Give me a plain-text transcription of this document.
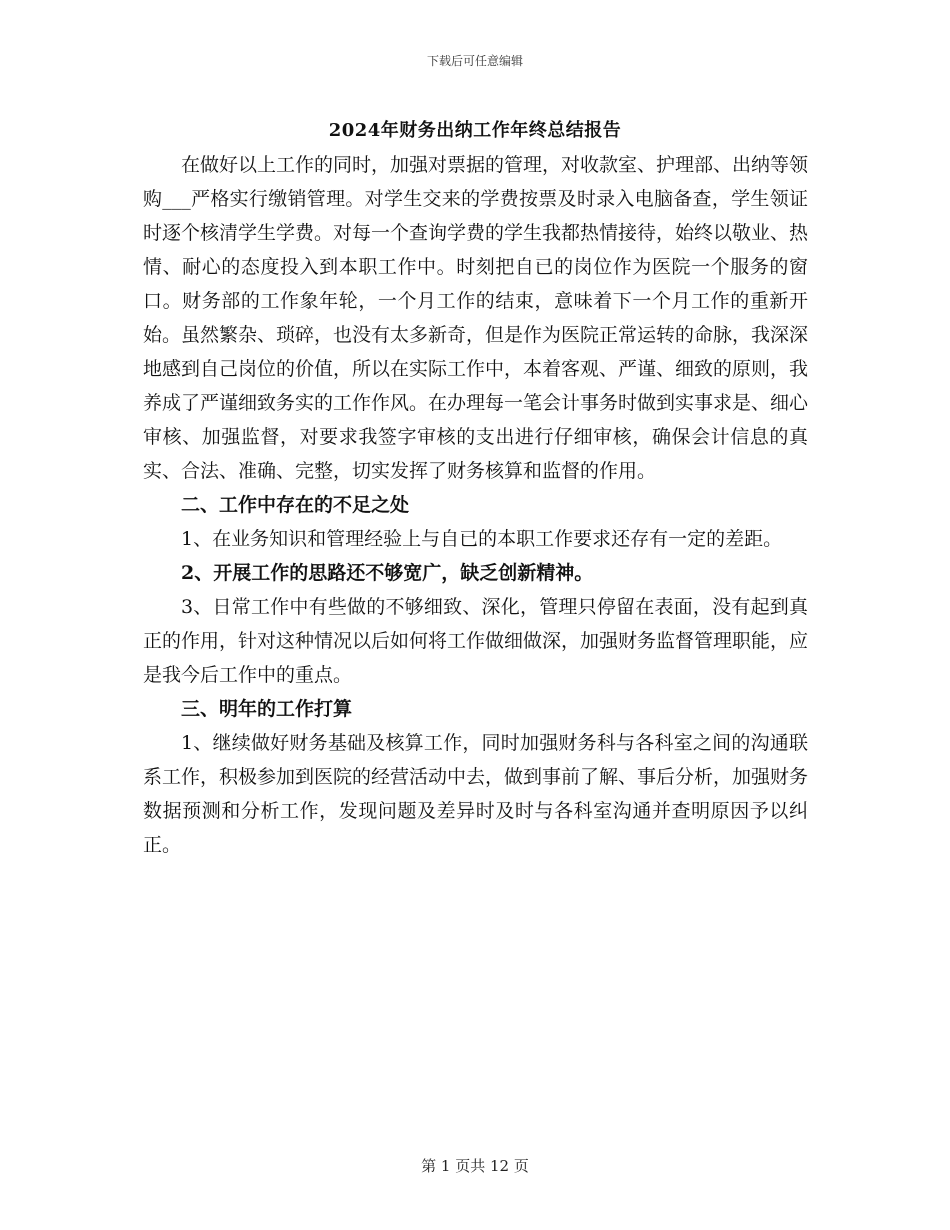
下载后可任意编辑
2024年财务出纳工作年终总结报告

在做好以上工作的同时，加强对票据的管理，对收款室、护理部、出纳等领购___严格实行缴销管理。对学生交来的学费按票及时录入电脑备查，学生领证时逐个核清学生学费。对每一个查询学费的学生我都热情接待，始终以敬业、热情、耐心的态度投入到本职工作中。时刻把自已的岗位作为医院一个服务的窗口。财务部的工作象年轮，一个月工作的结束，意味着下一个月工作的重新开始。虽然繁杂、琐碎，也没有太多新奇，但是作为医院正常运转的命脉，我深深地感到自己岗位的价值，所以在实际工作中，本着客观、严谨、细致的原则，我养成了严谨细致务实的工作作风。在办理每一笔会计事务时做到实事求是、细心审核、加强监督，对要求我签字审核的支出进行仔细审核，确保会计信息的真实、合法、准确、完整，切实发挥了财务核算和监督的作用。

二、工作中存在的不足之处

1、在业务知识和管理经验上与自已的本职工作要求还存有一定的差距。

2、开展工作的思路还不够宽广，缺乏创新精神。

3、日常工作中有些做的不够细致、深化，管理只停留在表面，没有起到真正的作用，针对这种情况以后如何将工作做细做深，加强财务监督管理职能，应是我今后工作中的重点。

三、明年的工作打算

1、继续做好财务基础及核算工作，同时加强财务科与各科室之间的沟通联系工作，积极参加到医院的经营活动中去，做到事前了解、事后分析，加强财务数据预测和分析工作，发现问题及差异时及时与各科室沟通并查明原因予以纠正。

第 1 页共 12 页
